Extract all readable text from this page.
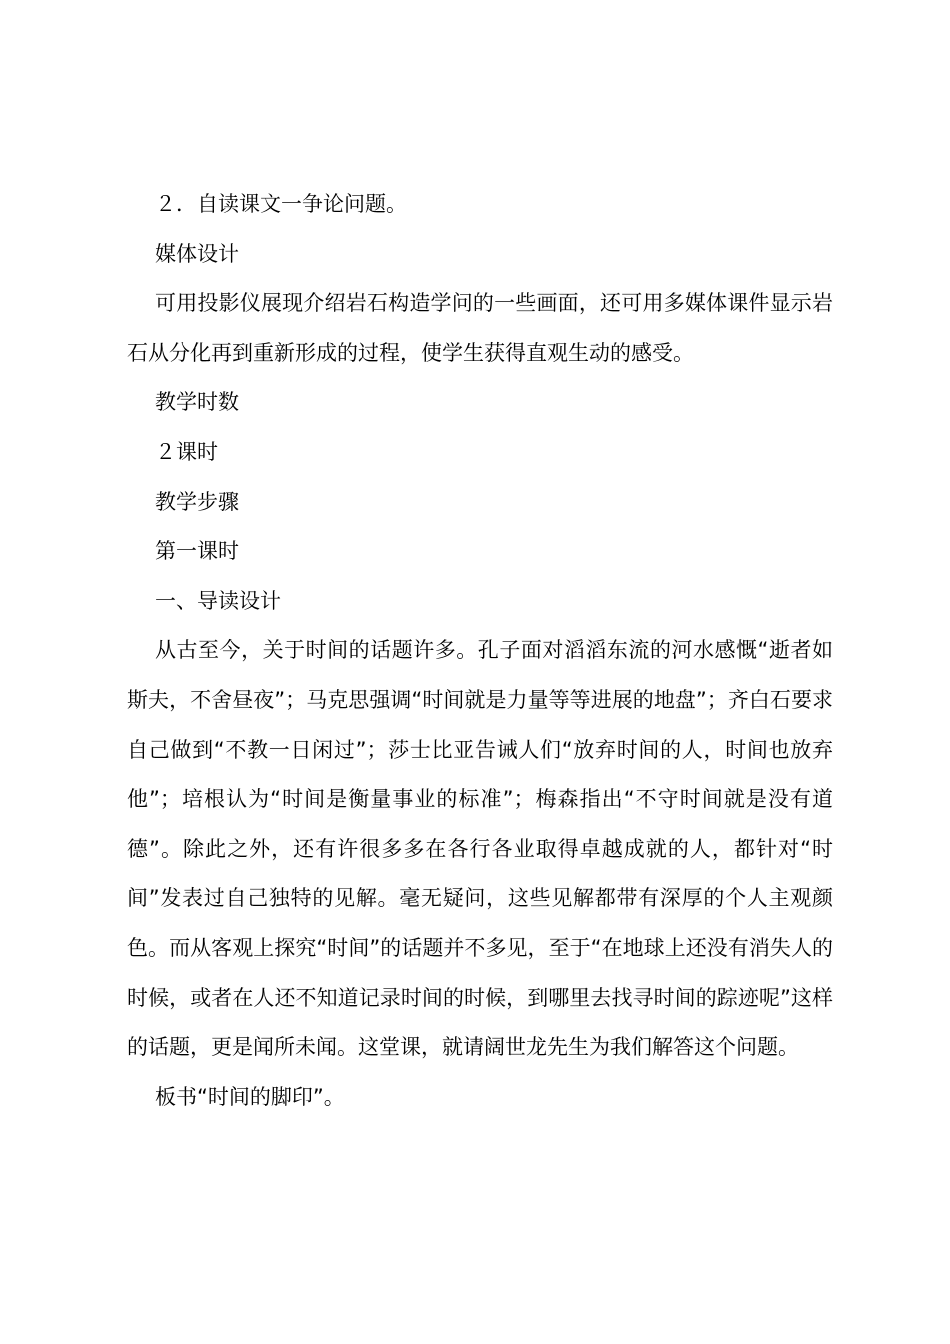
２．自读课文一争论问题。

媒体设计

可用投影仪展现介绍岩石构造学问的一些画面，还可用多媒体课件显示岩石从分化再到重新形成的过程，使学生获得直观生动的感受。

教学时数

２课时

教学步骤

第一课时

一、导读设计

从古至今，关于时间的话题许多。孔子面对滔滔东流的河水感慨“逝者如斯夫，不舍昼夜”；马克思强调“时间就是力量等等进展的地盘”；齐白石要求自己做到“不教一日闲过”；莎士比亚告诫人们“放弃时间的人，时间也放弃他”；培根认为“时间是衡量事业的标准”；梅森指出“不守时间就是没有道德”。除此之外，还有许很多多在各行各业取得卓越成就的人，都针对“时间”发表过自己独特的见解。毫无疑问，这些见解都带有深厚的个人主观颜色。而从客观上探究“时间”的话题并不多见，至于“在地球上还没有消失人的时候，或者在人还不知道记录时间的时候，到哪里去找寻时间的踪迹呢”这样的话题，更是闻所未闻。这堂课，就请阔世龙先生为我们解答这个问题。

板书“时间的脚印”。
